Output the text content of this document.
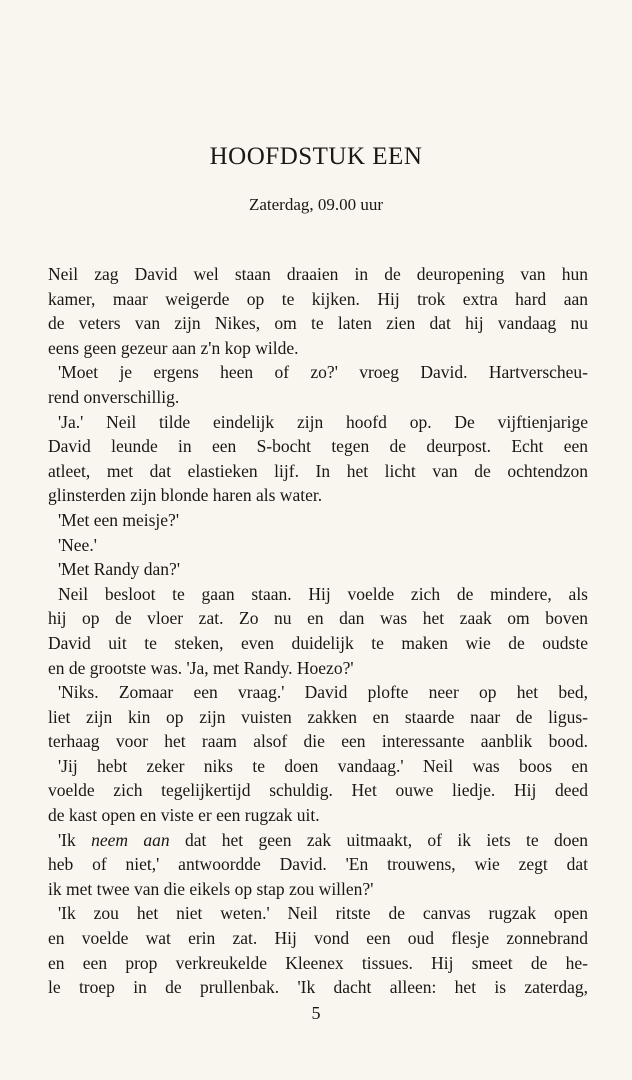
HOOFDSTUK EEN

Zaterdag, 09.00 uur

Neil zag David wel staan draaien in de deuropening van hun
kamer, maar weigerde op te kijken. Hij trok extra hard aan
de veters van zijn Nikes, om te laten zien dat hij vandaag nu
eens geen gezeur aan z'n kop wilde.
'Moet je ergens heen of zo?' vroeg David. Hartverscheu-
rend onverschillig.
'Ja.' Neil tilde eindelijk zijn hoofd op. De vijftienjarige
David leunde in een S-bocht tegen de deurpost. Echt een
atleet, met dat elastieken lijf. In het licht van de ochtendzon
glinsterden zijn blonde haren als water.
'Met een meisje?'
'Nee.'
'Met Randy dan?'
Neil besloot te gaan staan. Hij voelde zich de mindere, als
hij op de vloer zat. Zo nu en dan was het zaak om boven
David uit te steken, even duidelijk te maken wie de oudste
en de grootste was. 'Ja, met Randy. Hoezo?'
'Niks. Zomaar een vraag.' David plofte neer op het bed,
liet zijn kin op zijn vuisten zakken en staarde naar de ligus-
terhaag voor het raam alsof die een interessante aanblik bood.
'Jij hebt zeker niks te doen vandaag.' Neil was boos en
voelde zich tegelijkertijd schuldig. Het ouwe liedje. Hij deed
de kast open en viste er een rugzak uit.
'Ik neem aan dat het geen zak uitmaakt, of ik iets te doen
heb of niet,' antwoordde David. 'En trouwens, wie zegt dat
ik met twee van die eikels op stap zou willen?'
'Ik zou het niet weten.' Neil ritste de canvas rugzak open
en voelde wat erin zat. Hij vond een oud flesje zonnebrand
en een prop verkreukelde Kleenex tissues. Hij smeet de he-
le troep in de prullenbak. 'Ik dacht alleen: het is zaterdag,

5
